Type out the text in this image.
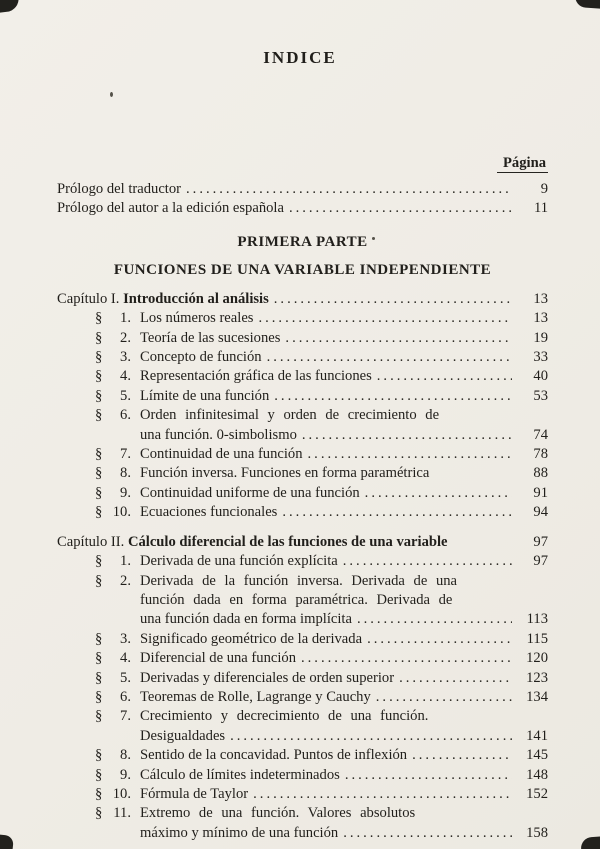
INDICE
Página
Prólogo del traductor .....	9
Prólogo del autor a la edición española .....	11
PRIMERA PARTE
FUNCIONES DE UNA VARIABLE INDEPENDIENTE
Capítulo I. Introducción al análisis .....	13
§	1. Los números reales .....	13
§	2. Teoría de las sucesiones .....	19
§	3. Concepto de función .....	33
§	4. Representación gráfica de las funciones .....	40
§	5. Límite de una función .....	53
§	6. Orden infinitesimal y orden de crecimiento de
una función. 0-simbolismo .....	74
§	7. Continuidad de una función .....	78
§	8. Función inversa. Funciones en forma paramétrica	88
§	9. Continuidad uniforme de una función .....	91
§ 10. Ecuaciones funcionales .....	94
Capítulo II. Cálculo diferencial de las funciones de una variable	97
§	1. Derivada de una función explícita .....	97
§	2. Derivada de la función inversa. Derivada de una
función dada en forma paramétrica. Derivada de
una función dada en forma implícita .....	113
§	3. Significado geométrico de la derivada .....	115
§	4. Diferencial de una función .....	120
§	5. Derivadas y diferenciales de orden superior .....	123
§	6. Teoremas de Rolle, Lagrange y Cauchy .....	134
§	7. Crecimiento y decrecimiento de una función.
Desigualdades .....	141
§	8. Sentido de la concavidad. Puntos de inflexión .....	145
§	9. Cálculo de límites indeterminados .....	148
§ 10. Fórmula de Taylor .....	152
§ 11. Extremo de una función. Valores absolutos
máximo y mínimo de una función .....	158
